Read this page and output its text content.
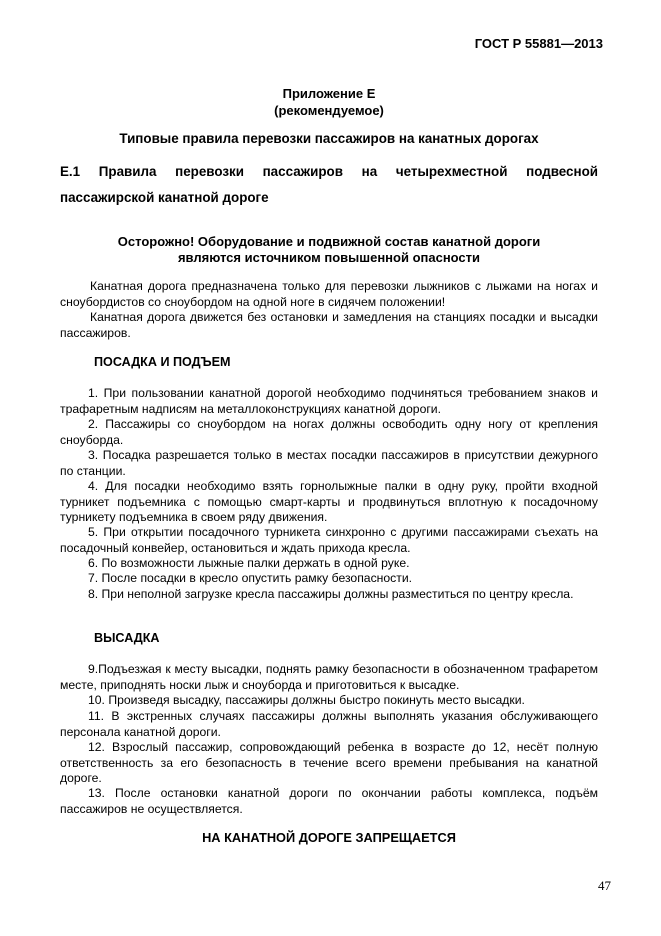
ГОСТ Р 55881—2013
Приложение Е
(рекомендуемое)
Типовые правила перевозки пассажиров на канатных дорогах
Е.1 Правила перевозки пассажиров на четырехместной подвесной пассажирской канатной дороге
Осторожно! Оборудование и подвижной состав канатной дороги
являются источником повышенной опасности

Канатная дорога предназначена только для перевозки лыжников с лыжами на ногах и сноубордистов со сноубордом на одной ноге в сидячем положении!

Канатная дорога движется без остановки и замедления на станциях посадки и высадки пассажиров.

ПОСАДКА И ПОДЪЕМ

1. При пользовании канатной дорогой необходимо подчиняться требованием знаков и трафаретным надписям на металлоконструкциях канатной дороги.

2. Пассажиры со сноубордом на ногах должны освободить одну ногу от крепления сноуборда.

3. Посадка разрешается только в местах посадки пассажиров в присутствии дежурного по станции.

4. Для посадки необходимо взять горнолыжные палки в одну руку, пройти входной турникет подъемника с помощью смарт-карты и продвинуться вплотную к посадочному турникету подъемника в своем ряду движения.

5. При открытии посадочного турникета синхронно с другими пассажирами съехать на посадочный конвейер, остановиться и ждать прихода кресла.

6. По возможности лыжные палки держать в одной руке.

7. После посадки в кресло опустить рамку безопасности.

8. При неполной загрузке кресла пассажиры должны разместиться по центру кресла.

ВЫСАДКА

9.Подъезжая к месту высадки, поднять рамку безопасности в обозначенном трафаретом месте, приподнять носки лыж и сноуборда и приготовиться к высадке.

10. Произведя высадку, пассажиры должны быстро покинуть место высадки.

11. В экстренных случаях пассажиры должны выполнять указания обслуживающего персонала канатной дороги.

12. Взрослый пассажир, сопровождающий ребенка в возрасте до 12, несёт полную ответственность за его безопасность в течение всего времени пребывания на канатной дороге.

13. После остановки канатной дороги по окончании работы комплекса, подъём пассажиров не осуществляется.

НА КАНАТНОЙ ДОРОГЕ ЗАПРЕЩАЕТСЯ
47
